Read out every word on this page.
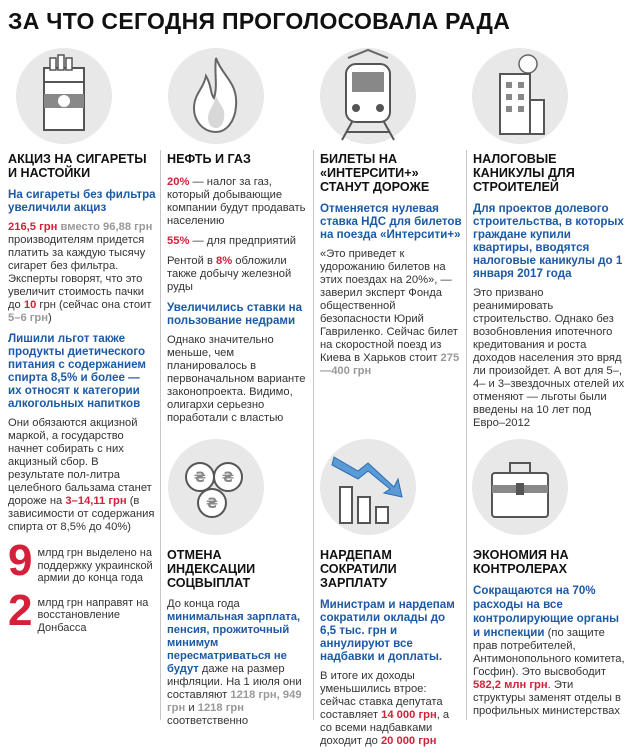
ЗА ЧТО СЕГОДНЯ ПРОГОЛОСОВАЛА РАДА
₴ ₴
₴
АКЦИЗ НА СИГАРЕТЫ И НАСТОЙКИ

На сигареты без фильтра увеличили акциз

216,5 грн вместо 96,88 грн производителям придется платить за каждую тысячу сигарет без фильтра. Эксперты говорят, что это увеличит стоимость пачки до 10 грн (сейчас она стоит 5–6 грн)

Лишили льгот также продукты диетического питания с содержанием спирта 8,5% и более — их относят к категории алкогольных напитков

Они обязаются акцизной маркой, а государство начнет собирать с них акцизный сбор. В результате пол-литра целебного бальзама станет дороже на 3–14,11 грн (в зависимости от содержания спирта от 8,5% до 40%)

9 млрд грн выделено на поддержку украинской армии до конца года
2 млрд грн направят на восстановление Донбасса
НЕФТЬ И ГАЗ

20% — налог за газ, который добывающие компании будут продавать населению

55% — для предприятий

Рентой в 8% обложили также добычу железной руды

Увеличились ставки на пользование недрами

Однако значительно меньше, чем планировалось в первоначальном варианте законопроекта. Видимо, олигархи серьезно поработали с властью

ОТМЕНА ИНДЕКСАЦИИ СОЦВЫПЛАТ

До конца года минимальная зарплата, пенсия, прожиточный минимум пересматриваться не будут даже на размер инфляции. На 1 июля они составляют 1218 грн, 949 грн и 1218 грн соответственно

БИЛЕТЫ НА «ИНТЕРСИТИ+» СТАНУТ ДОРОЖЕ

Отменяется нулевая ставка НДС для билетов на поезда «Интерсити+»

«Это приведет к удорожанию билетов на этих поездах на 20%», — заверил эксперт Фонда общественной безопасности Юрий Гавриленко. Сейчас билет на скоростной поезд из Киева в Харьков стоит 275—400 грн

НАРДЕПАМ СОКРАТИЛИ ЗАРПЛАТУ

Министрам и нардепам сократили оклады до 6,5 тыс. грн и аннулируют все надбавки и доплаты.

В итоге их доходы уменьшились втрое: сейчас ставка депутата составляет 14 000 грн, а со всеми надбавками доходит до 20 000 грн

НАЛОГОВЫЕ КАНИКУЛЫ ДЛЯ СТРОИТЕЛЕЙ

Для проектов долевого строительства, в которых граждане купили квартиры, вводятся налоговые каникулы до 1 января 2017 года

Это призвано реанимировать строительство. Однако без возобновления ипотечного кредитования и роста доходов населения это вряд ли произойдет. А вот для 5–, 4– и 3–звездочных отелей их отменяют — льготы были введены на 10 лет под Евро–2012

ЭКОНОМИЯ НА КОНТРОЛЕРАХ

Сокращаются на 70% расходы на все контролирующие органы и инспекции (по защите прав потребителей, Антимонопольного комитета, Госфин). Это высвободит 582,2 млн грн. Эти структуры заменят отделы в профильных министерствах
